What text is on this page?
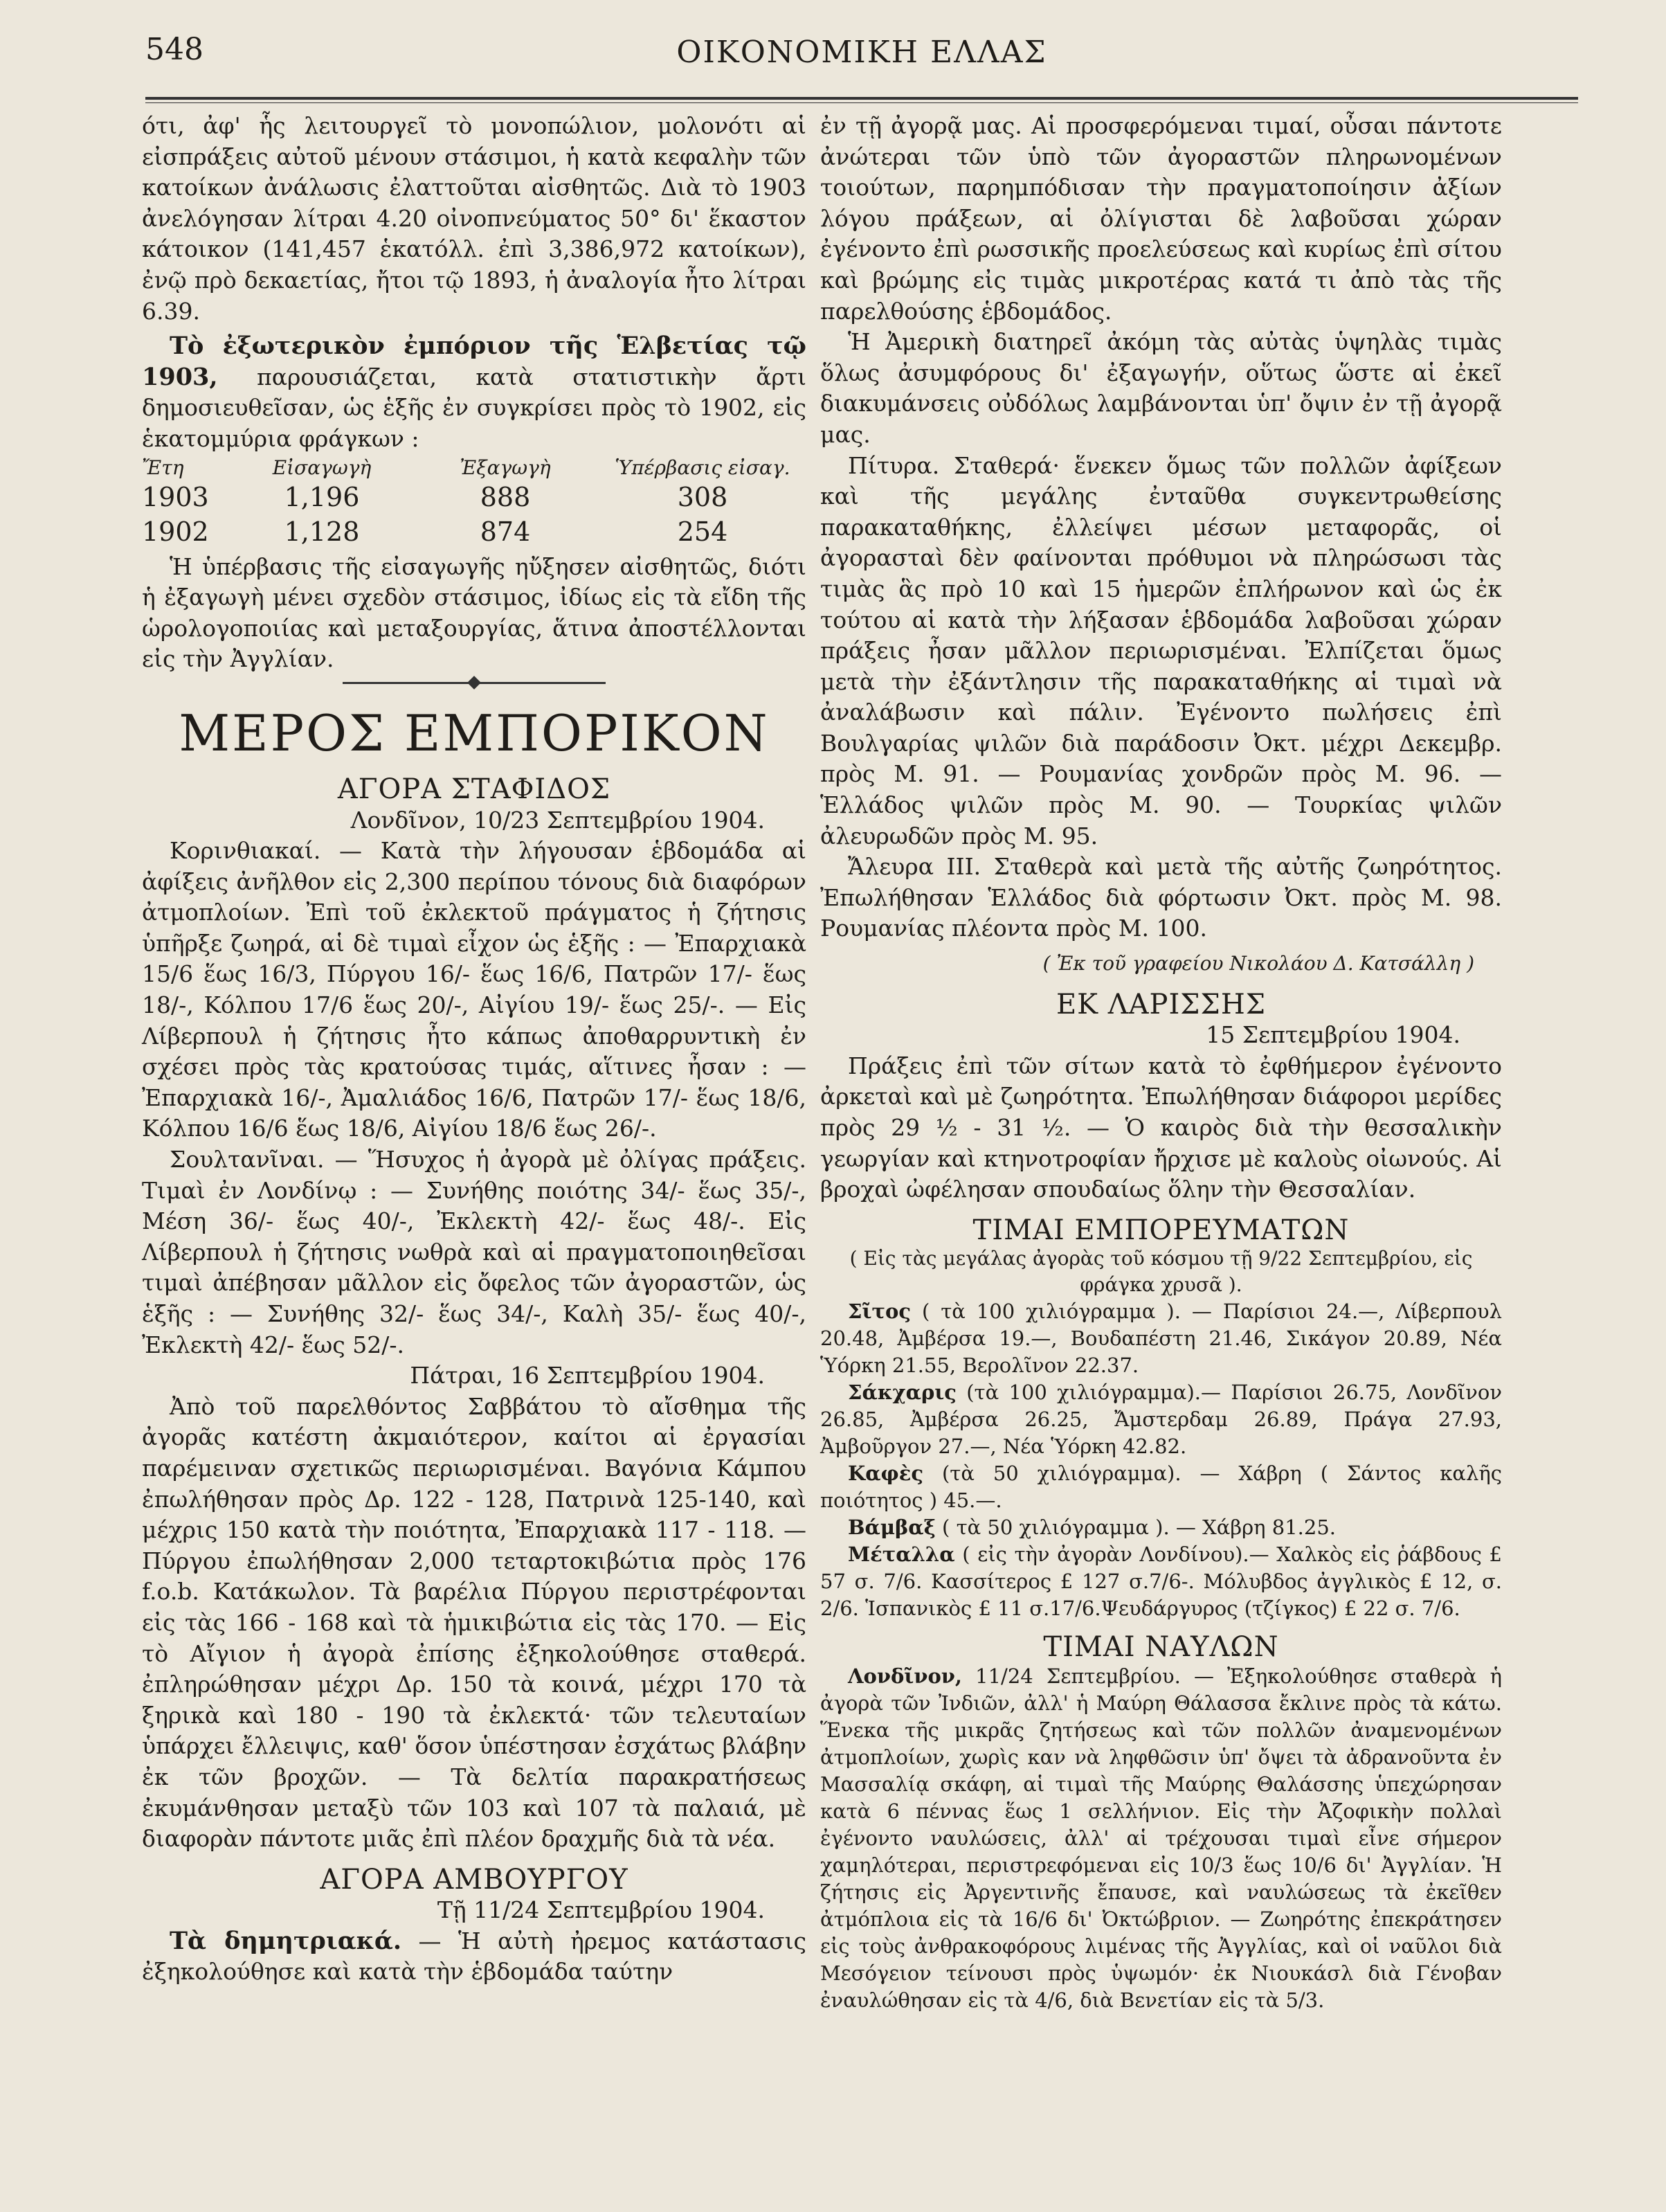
548	ΟΙΚΟΝΟΜΙΚΗ ΕΛΛΑΣ

ότι, ἀφ' ἧς λειτουργεῖ τὸ μονοπώλιον, μολονότι αἱ εἰσπράξεις αὐτοῦ μένουν στάσιμοι, ἡ κατὰ κεφαλὴν τῶν κατοίκων ἀνάλωσις ἐλαττοῦται αἰσθητῶς. Διὰ τὸ 1903 ἀνελόγησαν λίτραι 4.20 οἰνοπνεύματος 50° δι' ἕκαστον κάτοικον (141,457 ἑκατόλλ. ἐπὶ 3,386,972 κατοίκων), ἐνῷ πρὸ δεκαετίας, ἤτοι τῷ 1893, ἡ ἀναλογία ἦτο λίτραι 6.39.

Τὸ ἐξωτερικὸν ἐμπόριον τῆς Ἑλβετίας τῷ 1903, παρουσιάζεται, κατὰ στατιστικὴν ἄρτι δημοσιευθεῖσαν, ὡς ἑξῆς ἐν συγκρίσει πρὸς τὸ 1902, εἰς ἑκατομμύρια φράγκων :

Ἔτη	Εἰσαγωγὴ	Ἐξαγωγὴ	Ὑπέρβασις εἰσαγ.
1903	1,196	888	308
1902	1,128	874	254

Ἡ ὑπέρβασις τῆς εἰσαγωγῆς ηὔξησεν αἰσθητῶς, διότι ἡ ἐξαγωγὴ μένει σχεδὸν στάσιμος, ἰδίως εἰς τὰ εἴδη τῆς ὡρολογοποιίας καὶ μεταξουργίας, ἅτινα ἀποστέλλονται εἰς τὴν Ἀγγλίαν.

ΜΕΡΟΣ ΕΜΠΟΡΙΚΟΝ
ΑΓΟΡΑ ΣΤΑΦΙΔΟΣ
Λονδῖνον, 10/23 Σεπτεμβρίου 1904.

Κορινθιακαί. — Κατὰ τὴν λήγουσαν ἑβδομάδα αἱ ἀφίξεις ἀνῆλθον εἰς 2,300 περίπου τόνους διὰ διαφόρων ἀτμοπλοίων. Ἐπὶ τοῦ ἐκλεκτοῦ πράγματος ἡ ζήτησις ὑπῆρξε ζωηρά, αἱ δὲ τιμαὶ εἶχον ὡς ἑξῆς : — Ἐπαρχιακὰ 15/6 ἕως 16/3, Πύργου 16/- ἕως 16/6, Πατρῶν 17/- ἕως 18/-, Κόλπου 17/6 ἕως 20/-, Αἰγίου 19/- ἕως 25/-. — Εἰς Λίβερπουλ ἡ ζήτησις ἦτο κάπως ἀποθαρρυντικὴ ἐν σχέσει πρὸς τὰς κρατούσας τιμάς, αἵτινες ἦσαν : — Ἐπαρχιακὰ 16/-, Ἀμαλιάδος 16/6, Πατρῶν 17/- ἕως 18/6, Κόλπου 16/6 ἕως 18/6, Αἰγίου 18/6 ἕως 26/-.

Σουλτανῖναι. — Ἥσυχος ἡ ἀγορὰ μὲ ὀλίγας πράξεις. Τιμαὶ ἐν Λονδίνῳ : — Συνήθης ποιότης 34/- ἕως 35/-, Μέση 36/- ἕως 40/-, Ἐκλεκτὴ 42/- ἕως 48/-. Εἰς Λίβερπουλ ἡ ζήτησις νωθρὰ καὶ αἱ πραγματοποιηθεῖσαι τιμαὶ ἀπέβησαν μᾶλλον εἰς ὄφελος τῶν ἀγοραστῶν, ὡς ἑξῆς : — Συνήθης 32/- ἕως 34/-, Καλὴ 35/- ἕως 40/-, Ἐκλεκτὴ 42/- ἕως 52/-.

Πάτραι, 16 Σεπτεμβρίου 1904.

Ἀπὸ τοῦ παρελθόντος Σαββάτου τὸ αἴσθημα τῆς ἀγορᾶς κατέστη ἀκμαιότερον, καίτοι αἱ ἐργασίαι παρέμειναν σχετικῶς περιωρισμέναι. Βαγόνια Κάμπου ἐπωλήθησαν πρὸς Δρ. 122 - 128, Πατρινὰ 125-140, καὶ μέχρις 150 κατὰ τὴν ποιότητα, Ἐπαρχιακὰ 117 - 118. — Πύργου ἐπωλήθησαν 2,000 τεταρτοκιβώτια πρὸς 176 f.o.b. Κατάκωλον. Τὰ βαρέλια Πύργου περιστρέφονται εἰς τὰς 166 - 168 καὶ τὰ ἡμικιβώτια εἰς τὰς 170. — Εἰς τὸ Αἴγιον ἡ ἀγορὰ ἐπίσης ἐξηκολούθησε σταθερά. ἐπληρώθησαν μέχρι Δρ. 150 τὰ κοινά, μέχρι 170 τὰ ξηρικὰ καὶ 180 - 190 τὰ ἐκλεκτά· τῶν τελευταίων ὑπάρχει ἔλλειψις, καθ' ὅσον ὑπέστησαν ἐσχάτως βλάβην ἐκ τῶν βροχῶν. — Τὰ δελτία παρακρατήσεως ἐκυμάνθησαν μεταξὺ τῶν 103 καὶ 107 τὰ παλαιά, μὲ διαφορὰν πάντοτε μιᾶς ἐπὶ πλέον δραχμῆς διὰ τὰ νέα.

ΑΓΟΡΑ ΑΜΒΟΥΡΓΟΥ
Τῇ 11/24 Σεπτεμβρίου 1904.

Τὰ δημητριακά. — Ἡ αὐτὴ ἠρεμος κατάστασις ἐξηκολούθησε καὶ κατὰ τὴν ἑβδομάδα ταύτην

ἐν τῇ ἀγορᾷ μας. Αἱ προσφερόμεναι τιμαί, οὖσαι πάντοτε ἀνώτεραι τῶν ὑπὸ τῶν ἀγοραστῶν πληρωνομένων τοιούτων, παρημπόδισαν τὴν πραγματοποίησιν ἀξίων λόγου πράξεων, αἱ ὀλίγισται δὲ λαβοῦσαι χώραν ἐγένοντο ἐπὶ ρωσσικῆς προελεύσεως καὶ κυρίως ἐπὶ σίτου καὶ βρώμης εἰς τιμὰς μικροτέρας κατά τι ἀπὸ τὰς τῆς παρελθούσης ἑβδομάδος.

Ἡ Ἀμερικὴ διατηρεῖ ἀκόμη τὰς αὐτὰς ὑψηλὰς τιμὰς ὅλως ἀσυμφόρους δι' ἐξαγωγήν, οὕτως ὥστε αἱ ἐκεῖ διακυμάνσεις οὐδόλως λαμβάνονται ὑπ' ὄψιν ἐν τῇ ἀγορᾷ μας.

Πίτυρα. Σταθερά· ἕνεκεν ὅμως τῶν πολλῶν ἀφίξεων καὶ τῆς μεγάλης ἐνταῦθα συγκεντρωθείσης παρακαταθήκης, ἐλλείψει μέσων μεταφορᾶς, οἱ ἀγορασταὶ δὲν φαίνονται πρόθυμοι νὰ πληρώσωσι τὰς τιμὰς ἃς πρὸ 10 καὶ 15 ἡμερῶν ἐπλήρωνον καὶ ὡς ἐκ τούτου αἱ κατὰ τὴν λήξασαν ἑβδομάδα λαβοῦσαι χώραν πράξεις ἦσαν μᾶλλον περιωρισμέναι. Ἐλπίζεται ὅμως μετὰ τὴν ἐξάντλησιν τῆς παρακαταθήκης αἱ τιμαὶ νὰ ἀναλάβωσιν καὶ πάλιν. Ἐγένοντο πωλήσεις ἐπὶ Βουλγαρίας ψιλῶν διὰ παράδοσιν Ὀκτ. μέχρι Δεκεμβρ. πρὸς Μ. 91. — Ρουμανίας χονδρῶν πρὸς Μ. 96. — Ἑλλάδος ψιλῶν πρὸς Μ. 90. — Τουρκίας ψιλῶν ἀλευρωδῶν πρὸς Μ. 95.

Ἄλευρα ΙΙΙ. Σταθερὰ καὶ μετὰ τῆς αὐτῆς ζωηρότητος. Ἐπωλήθησαν Ἑλλάδος διὰ φόρτωσιν Ὀκτ. πρὸς Μ. 98. Ρουμανίας πλέοντα πρὸς Μ. 100.

( Ἐκ τοῦ γραφείου Νικολάου Δ. Κατσάλλη )
ΕΚ ΛΑΡΙΣΣΗΣ
15 Σεπτεμβρίου 1904.

Πράξεις ἐπὶ τῶν σίτων κατὰ τὸ ἐφθήμερον ἐγένοντο ἀρκεταὶ καὶ μὲ ζωηρότητα. Ἐπωλήθησαν διάφοροι μερίδες πρὸς 29 ½ - 31 ½. — Ὁ καιρὸς διὰ τὴν θεσσαλικὴν γεωργίαν καὶ κτηνοτροφίαν ἤρχισε μὲ καλοὺς οἰωνούς. Αἱ βροχαὶ ὠφέλησαν σπουδαίως ὅλην τὴν Θεσσαλίαν.

ΤΙΜΑΙ ΕΜΠΟΡΕΥΜΑΤΩΝ
( Εἰς τὰς μεγάλας ἀγορὰς τοῦ κόσμου τῇ 9/22 Σεπτεμβρίου, εἰς φράγκα χρυσᾶ ).

Σῖτος ( τὰ 100 χιλιόγραμμα ). — Παρίσιοι 24.—, Λίβερπουλ 20.48, Ἀμβέρσα 19.—, Βουδαπέστη 21.46, Σικάγον 20.89, Νέα Ὑόρκη 21.55, Βερολῖνον 22.37.

Σάκχαρις (τὰ 100 χιλιόγραμμα).— Παρίσιοι 26.75, Λονδῖνον 26.85, Ἀμβέρσα 26.25, Ἄμστερδαμ 26.89, Πράγα 27.93, Ἀμβοῦργον 27.—, Νέα Ὑόρκη 42.82.

Καφὲς (τὰ 50 χιλιόγραμμα). — Χάβρη ( Σάντος καλῆς ποιότητος ) 45.—.

Βάμβαξ ( τὰ 50 χιλιόγραμμα ). — Χάβρη 81.25.

Μέταλλα ( εἰς τὴν ἀγορὰν Λονδίνου).— Χαλκὸς εἰς ῥάβδους £ 57 σ. 7/6. Κασσίτερος £ 127 σ.7/6-. Μόλυβδος ἀγγλικὸς £ 12, σ. 2/6. Ἱσπανικὸς £ 11 σ.17/6.Ψευδάργυρος (τζίγκος) £ 22 σ. 7/6.

ΤΙΜΑΙ ΝΑΥΛΩΝ

Λονδῖνον, 11/24 Σεπτεμβρίου. — Ἐξηκολούθησε σταθερὰ ἡ ἀγορὰ τῶν Ἰνδιῶν, ἀλλ' ἡ Μαύρη Θάλασσα ἔκλινε πρὸς τὰ κάτω. Ἕνεκα τῆς μικρᾶς ζητήσεως καὶ τῶν πολλῶν ἀναμενομένων ἀτμοπλοίων, χωρὶς καν νὰ ληφθῶσιν ὑπ' ὄψει τὰ ἀδρανοῦντα ἐν Μασσαλίᾳ σκάφη, αἱ τιμαὶ τῆς Μαύρης Θαλάσσης ὑπεχώρησαν κατὰ 6 πέννας ἕως 1 σελλήνιον. Εἰς τὴν Ἀζοφικὴν πολλαὶ ἐγένοντο ναυλώσεις, ἀλλ' αἱ τρέχουσαι τιμαὶ εἶνε σήμερον χαμηλότεραι, περιστρεφόμεναι εἰς 10/3 ἕως 10/6 δι' Ἀγγλίαν. Ἡ ζήτησις εἰς Ἀργεντινῆς ἔπαυσε, καὶ ναυλώσεως τὰ ἐκεῖθεν ἀτμόπλοια εἰς τὰ 16/6 δι' Ὀκτώβριον. — Ζωηρότης ἐπεκράτησεν εἰς τοὺς ἀνθρακοφόρους λιμένας τῆς Ἀγγλίας, καὶ οἱ ναῦλοι διὰ Μεσόγειον τείνουσι πρὸς ὑψωμόν· ἐκ Νιουκάσλ διὰ Γένοβαν ἐναυλώθησαν εἰς τὰ 4/6, διὰ Βενετίαν εἰς τὰ 5/3.
